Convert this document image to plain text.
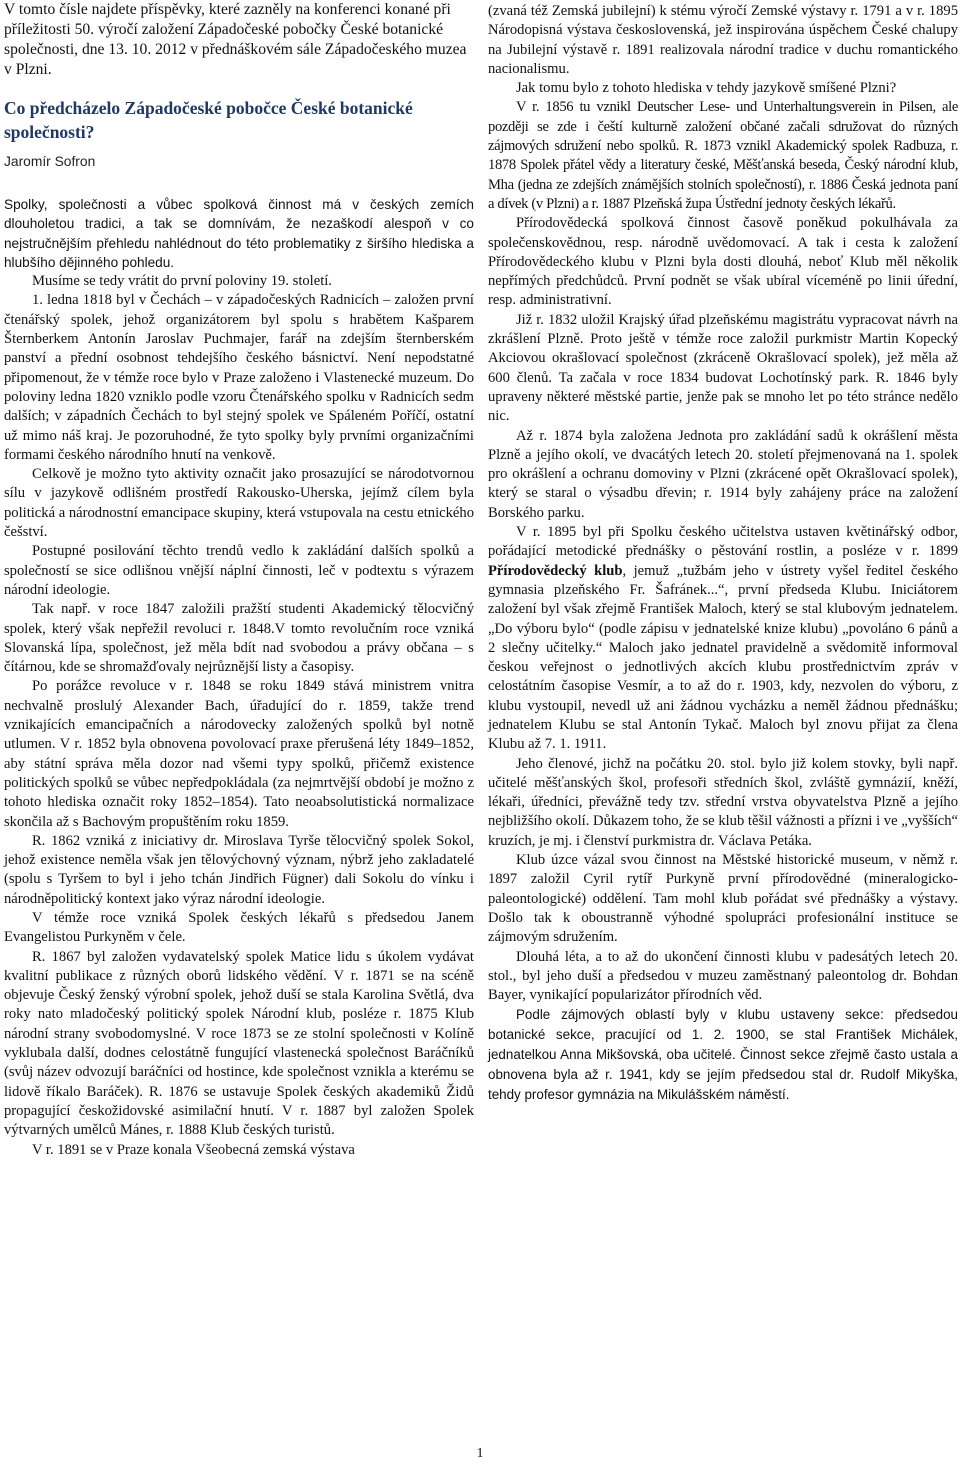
V tomto čísle najdete příspěvky, které zazněly na konferenci konané při příležitosti 50. výročí založení Západočeské pobočky České botanické společnosti, dne 13. 10. 2012 v přednáškovém sále Západočeského muzea v Plzni.

Co předcházelo Západočeské pobočce České botanické společnosti?
Jaromír Sofron

Spolky, společnosti a vůbec spolková činnost má v českých zemích dlouholetou tradici, a tak se domnívám, že nezaškodí alespoň v co nejstručnějším přehledu nahlédnout do této problematiky z širšího hlediska a hlubšího dějinného pohledu.

Musíme se tedy vrátit do první poloviny 19. století.

1. ledna 1818 byl v Čechách – v západočeských Radnicích – založen první čtenářský spolek, jehož organizátorem byl spolu s hrabětem Kašparem Šternberkem Antonín Jaroslav Puchmajer, farář na zdejším šternberském panství a přední osobnost tehdejšího českého básnictví. Není nepodstatné připomenout, že v témže roce bylo v Praze založeno i Vlastenecké muzeum. Do poloviny ledna 1820 vzniklo podle vzoru Čtenářského spolku v Radnicích sedm dalších; v západních Čechách to byl stejný spolek ve Spáleném Poříčí, ostatní už mimo náš kraj. Je pozoruhodné, že tyto spolky byly prvními organizačními formami českého národního hnutí na venkově.

Celkově je možno tyto aktivity označit jako prosazující se národotvornou sílu v jazykově odlišném prostředí Rakousko-Uherska, jejímž cílem byla politická a národnostní emancipace skupiny, která vstupovala na cestu etnického češství.

Postupné posilování těchto trendů vedlo k zakládání dalších spolků a společností se sice odlišnou vnější náplní činnosti, leč v podtextu s výrazem národní ideologie.

Tak např. v roce 1847 založili pražští studenti Akademický tělocvičný spolek, který však nepřežil revoluci r. 1848.V tomto revolučním roce vzniká Slovanská lípa, společnost, jež měla bdít nad svobodou a právy občana – s čítárnou, kde se shromažďovaly nejrůznější listy a časopisy.

Po porážce revoluce v r. 1848 se roku 1849 stává ministrem vnitra nechvalně proslulý Alexander Bach, úřadující do r. 1859, takže trend vznikajících emancipačních a národovecky založených spolků byl notně utlumen. V r. 1852 byla obnovena povolovací praxe přerušená léty 1849–1852, aby státní správa měla dozor nad všemi typy spolků, přičemž existence politických spolků se vůbec nepředpokládala (za nejmrtvější období je možno z tohoto hlediska označit roky 1852–1854). Tato neoabsolutistická normalizace skončila až s Bachovým propuštěním roku 1859.

R. 1862 vzniká z iniciativy dr. Miroslava Tyrše tělocvičný spolek Sokol, jehož existence neměla však jen tělovýchovný význam, nýbrž jeho zakladatelé (spolu s Tyršem to byl i jeho tchán Jindřich Fügner) dali Sokolu do vínku i národněpolitický kontext jako výraz národní ideologie.

V témže roce vzniká Spolek českých lékařů s předsedou Janem Evangelistou Purkyněm v čele.

R. 1867 byl založen vydavatelský spolek Matice lidu s úkolem vydávat kvalitní publikace z různých oborů lidského vědění. V r. 1871 se na scéně objevuje Český ženský výrobní spolek, jehož duší se stala Karolina Světlá, dva roky nato mladočeský politický spolek Národní klub, posléze r. 1875 Klub národní strany svobodomyslné. V roce 1873 se ze stolní společnosti v Kolíně vyklubala další, dodnes celostátně fungující vlastenecká společnost Baráčníků (svůj název odvozují baráčníci od hostince, kde společnost vznikla a kterému se lidově říkalo Baráček). R. 1876 se ustavuje Spolek českých akademiků Židů propagující českožidovské asimilační hnutí. V r. 1887 byl založen Spolek výtvarných umělců Mánes, r. 1888 Klub českých turistů.

V r. 1891 se v Praze konala Všeobecná zemská výstava

(zvaná též Zemská jubilejní) k stému výročí Zemské výstavy r. 1791 a v r. 1895 Národopisná výstava československá, jež inspirována úspěchem České chalupy na Jubilejní výstavě r. 1891 realizovala národní tradice v duchu romantického nacionalismu.

Jak tomu bylo z tohoto hlediska v tehdy jazykově smíšené Plzni?

V r. 1856 tu vznikl Deutscher Lese- und Unterhaltungsverein in Pilsen, ale později se zde i čeští kulturně založení občané začali sdružovat do různých zájmových sdružení nebo spolků. R. 1873 vznikl Akademický spolek Radbuza, r. 1878 Spolek přátel vědy a literatury české, Měšťanská beseda, Český národní klub, Mha (jedna ze zdejších známějších stolních společností), r. 1886 Česká jednota paní a dívek (v Plzni) a r. 1887 Plzeňská župa Ústřední jednoty českých lékařů.

Přírodovědecká spolková činnost časově poněkud pokulhávala za společenskovědnou, resp. národně uvědomovací. A tak i cesta k založení Přírodovědeckého klubu v Plzni byla dosti dlouhá, neboť Klub měl několik nepřímých předchůdců. První podnět se však ubíral víceméně po linii úřední, resp. administrativní.

Již r. 1832 uložil Krajský úřad plzeňskému magistrátu vypracovat návrh na zkrášlení Plzně. Proto ještě v témže roce založil purkmistr Martin Kopecký Akciovou okrašlovací společnost (zkráceně Okrašlovací spolek), jež měla až 600 členů. Ta začala v roce 1834 budovat Lochotínský park. R. 1846 byly upraveny některé městské partie, jenže pak se mnoho let po této stránce nedělo nic.

Až r. 1874 byla založena Jednota pro zakládání sadů k okrášlení města Plzně a jejího okolí, ve dvacátých letech 20. století přejmenovaná na 1. spolek pro okrášlení a ochranu domoviny v Plzni (zkrácené opět Okrašlovací spolek), který se staral o výsadbu dřevin; r. 1914 byly zahájeny práce na založení Borského parku.

V r. 1895 byl při Spolku českého učitelstva ustaven květinářský odbor, pořádající metodické přednášky o pěstování rostlin, a posléze v r. 1899 Přírodovědecký klub, jemuž „tužbám jeho v ústrety vyšel ředitel českého gymnasia plzeňského Fr. Šafránek...“, první předseda Klubu. Iniciátorem založení byl však zřejmě František Maloch, který se stal klubovým jednatelem. „Do výboru bylo“ (podle zápisu v jednatelské knize klubu) „povoláno 6 pánů a 2 slečny učitelky.“ Maloch jako jednatel pravidelně a svědomitě informoval českou veřejnost o jednotlivých akcích klubu prostřednictvím zpráv v celostátním časopise Vesmír, a to až do r. 1903, kdy, nezvolen do výboru, z klubu vystoupil, nevedl už ani žádnou vycházku a neměl žádnou přednášku; jednatelem Klubu se stal Antonín Tykač. Maloch byl znovu přijat za člena Klubu až 7. 1. 1911.

Jeho členové, jichž na počátku 20. stol. bylo již kolem stovky, byli např. učitelé měšťanských škol, profesoři středních škol, zvláště gymnázií, kněží, lékaři, úředníci, převážně tedy tzv. střední vrstva obyvatelstva Plzně a jejího nejbližšího okolí. Důkazem toho, že se klub těšil vážnosti a přízni i ve „vyšších“ kruzích, je mj. i členství purkmistra dr. Václava Petáka.

Klub úzce vázal svou činnost na Městské historické museum, v němž r. 1897 založil Cyril rytíř Purkyně první přírodovědné (mineralogicko-paleontologické) oddělení. Tam mohl klub pořádat své přednášky a výstavy. Došlo tak k oboustranně výhodné spolupráci profesionální instituce se zájmovým sdružením.

Dlouhá léta, a to až do ukončení činnosti klubu v padesátých letech 20. stol., byl jeho duší a předsedou v muzeu zaměstnaný paleontolog dr. Bohdan Bayer, vynikající popularizátor přírodních věd.

Podle zájmových oblastí byly v klubu ustaveny sekce: předsedou botanické sekce, pracující od 1. 2. 1900, se stal František Michálek, jednatelkou Anna Mikšovská, oba učitelé. Činnost sekce zřejmě často ustala a obnovena byla až r. 1941, kdy se jejím předsedou stal dr. Rudolf Mikyška, tehdy profesor gymnázia na Mikulášském náměstí.

1
